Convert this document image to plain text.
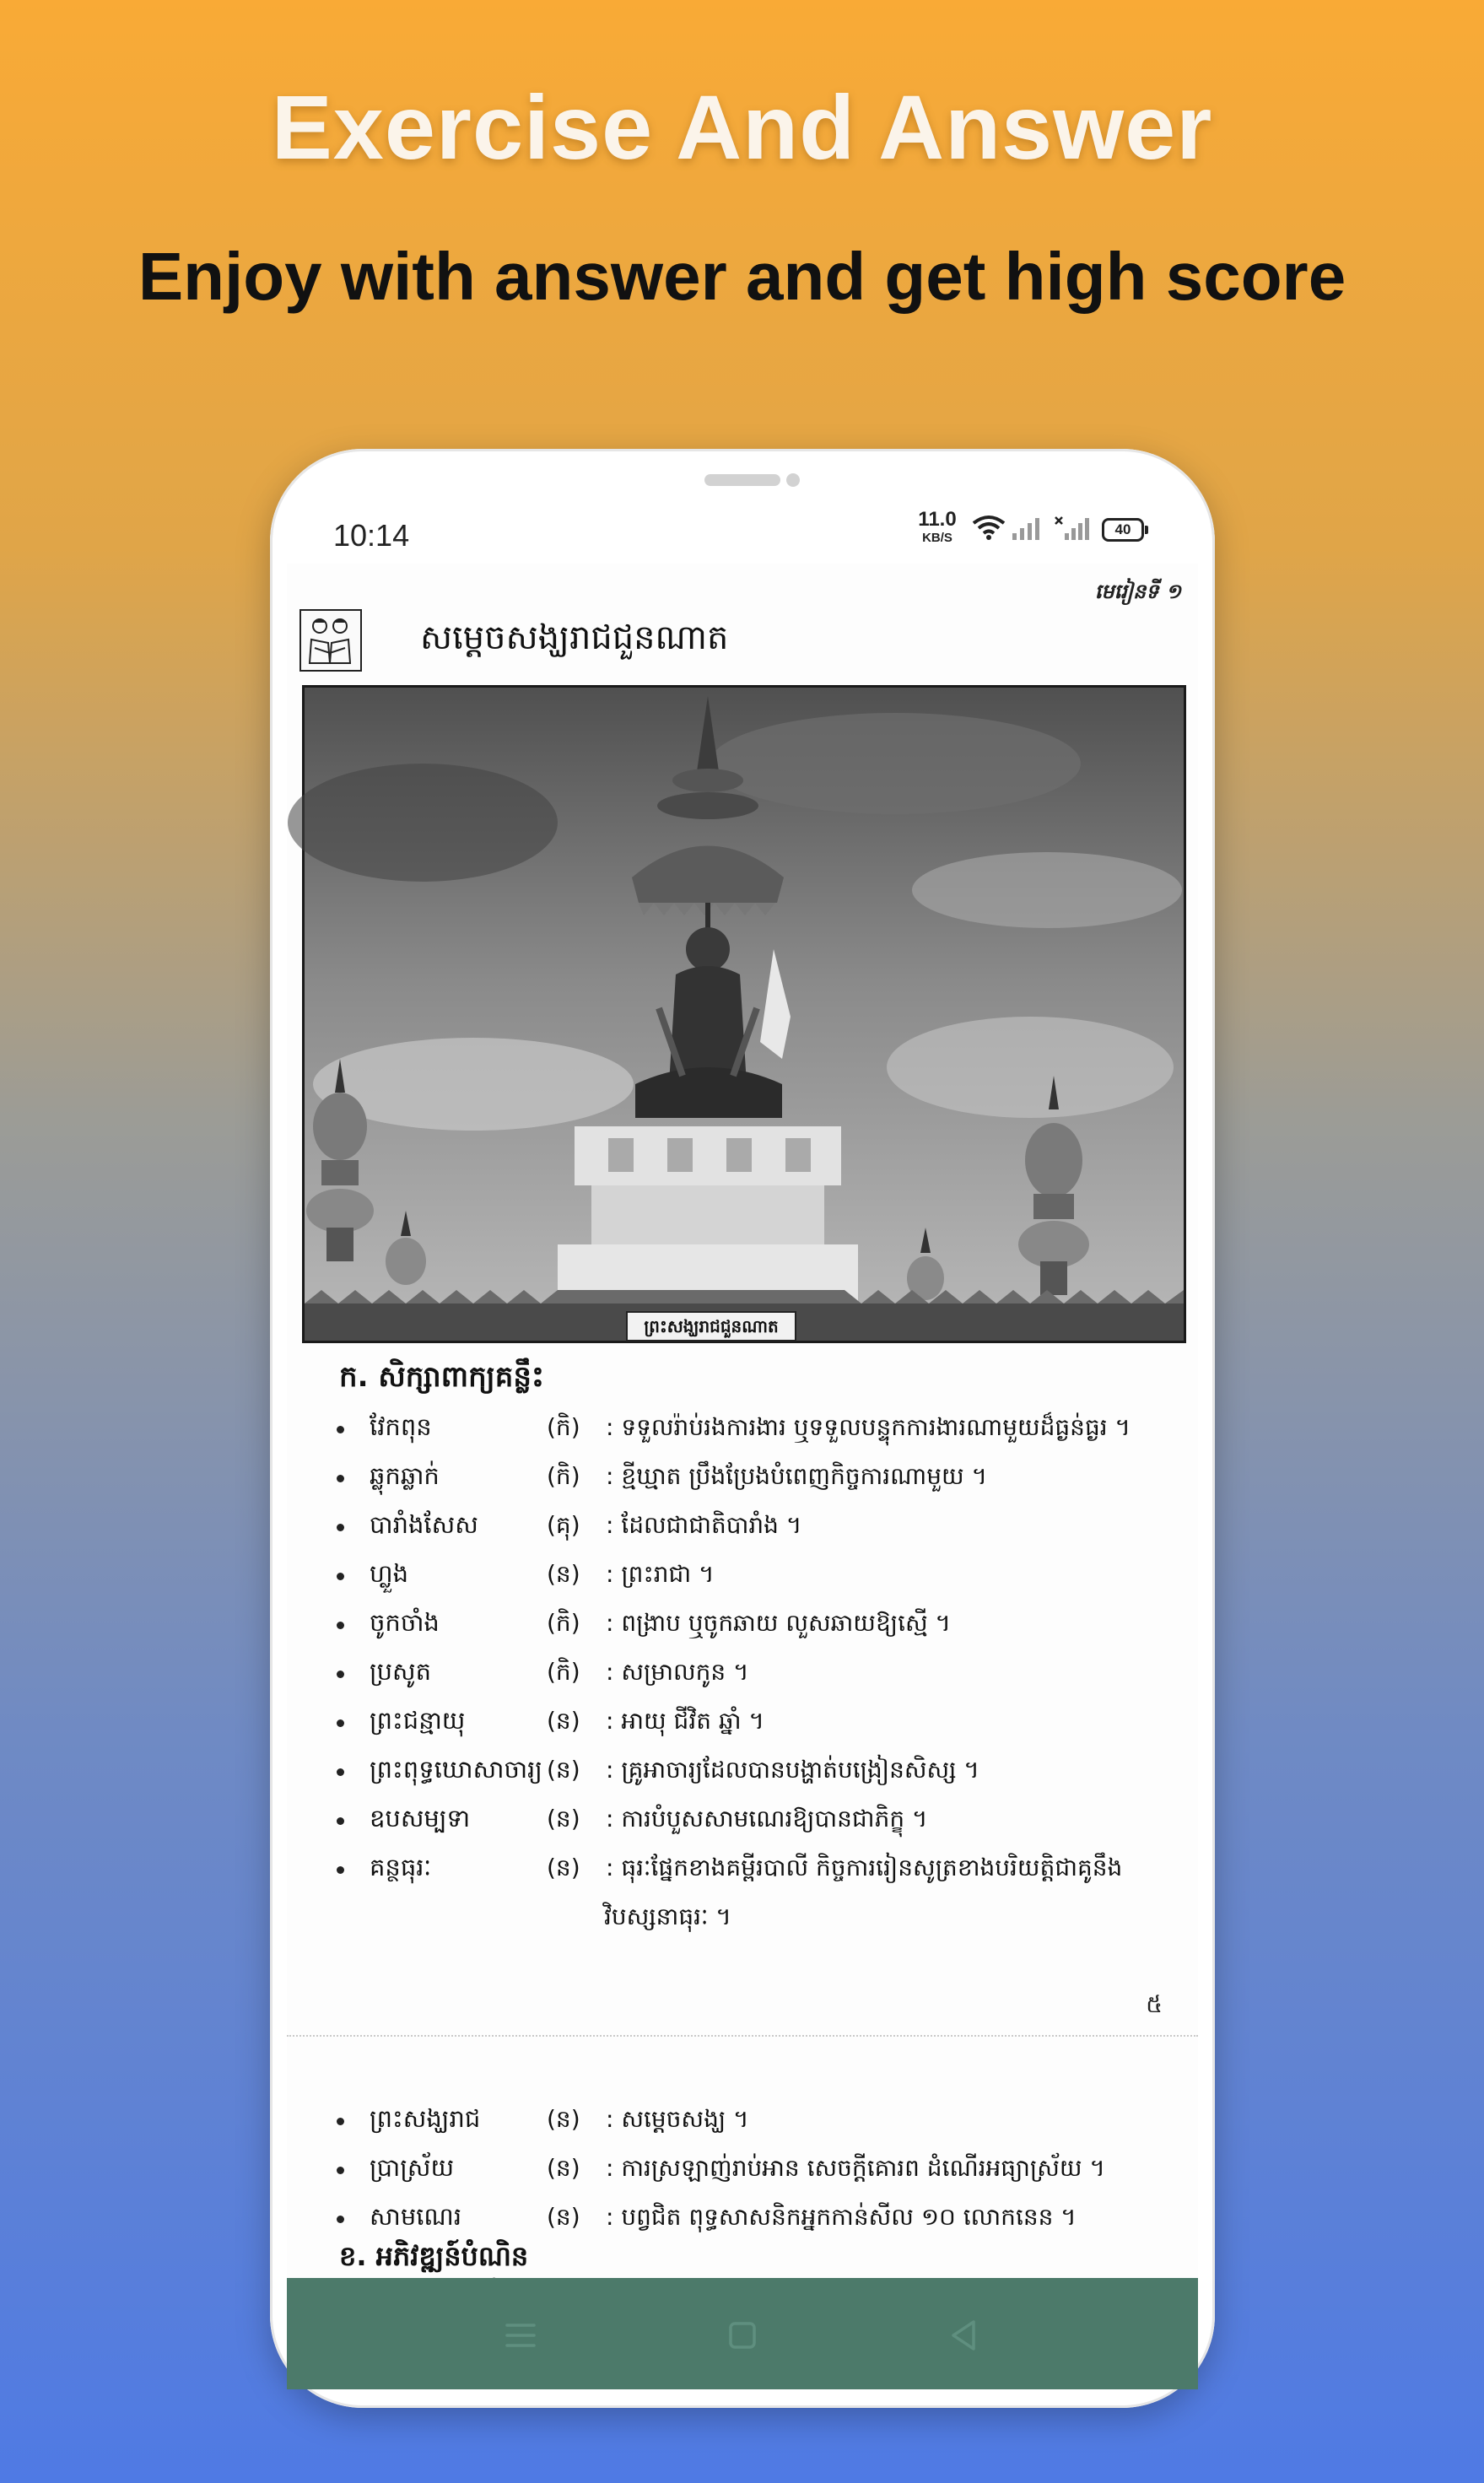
Exercise And Answer
Enjoy with answer and get high score
10:14	11.0
KB/S
40
មេរៀនទី ១
សម្តេចសង្ឃរាជជួនណាត
ព្រះសង្ឃរាជជួនណាត
ក. សិក្សាពាក្យគន្លឹះ
វែកពុន	(កិ) : ទទួលរ៉ាប់រងការងារ ឬទទួលបន្ទុកការងារណាមួយដ៏ធ្ងន់ធ្ងរ ។
ឆ្លុកឆ្លាក់	(កិ) : ខ្មីឃ្មាត ប្រឹងប្រែងបំពេញកិច្ចការណាមួយ ។
បារាំងសែស	(គុ) : ដែលជាជាតិបារាំង ។
ហ្លួង	(ន) : ព្រះរាជា ។
ចូកចាំង	(កិ) : ពង្រាប ឬចូកឆាយ លួសឆាយឱ្យស្មើ ។
ប្រសូត	(កិ) : សម្រាលកូន ។
ព្រះជន្មាយុ	(ន) : អាយុ ជីវិត ឆ្នាំ ។
ព្រះពុទ្ធឃោសាចារ្យ (ន) : គ្រូអាចារ្យដែលបានបង្ហាត់បង្រៀនសិស្ស ។
ឧបសម្បទា	(ន) : ការបំបួសសាមណេរឱ្យបានជាភិក្ខុ ។
គន្ថធុរៈ	(ន) : ធុរៈផ្នែកខាងគម្ពីរបាលី កិច្ចការរៀនសូត្រខាងបរិយត្តិជាគូនឹង
វិបស្សនាធុរៈ ។
៥
ព្រះសង្ឃរាជ	(ន) : សម្តេចសង្ឃ ។
ប្រាស្រ័យ	(ន) : ការស្រឡាញ់រាប់អាន សេចក្តីគោរព ដំណើរអធ្យាស្រ័យ ។
សាមណេរ	(ន) : បព្វជិត ពុទ្ធសាសនិកអ្នកកាន់សីល ១០ លោកនេន ។
ខ. អភិវឌ្ឍន៍បំណិន
